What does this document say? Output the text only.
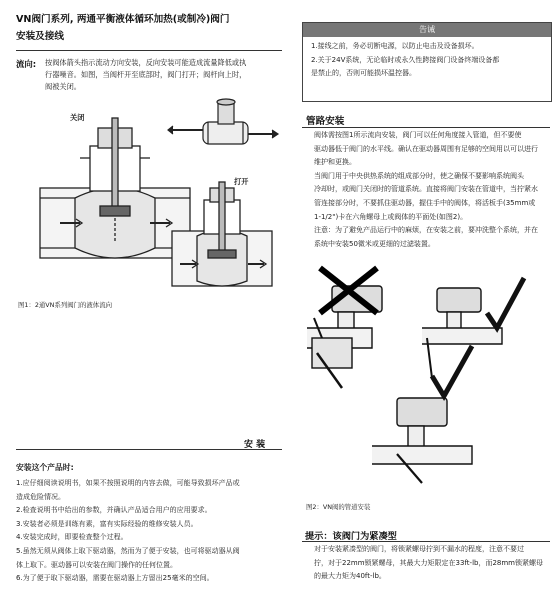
VN阀门系列, 两通平衡液体循环加热(或制冷)阀门
安装及接线
流向: 按阀体箭头指示流动方向安装，反向安装可能造成流量降低或执
行器噪音。如图，当阀杆开至底部时，阀门打开；阀杆向上时，
阀被关闭。
关闭
打开
图1：2通VN系列阀门的液体流向
安 装
安装这个产品时:
1.应仔细阅读说明书，如果不按照说明的内容去做，可能导致损坏产品或
造成危险情况。
2.检查说明书中给出的参数，并确认产品适合用户的应用要求。
3.安装者必须是训练有素，富有实际经验的维修安装人员。
4.安装完成时，即要检查整个过程。
5.虽然无须从阀体上取下驱动器，然而为了便于安装，也可将驱动器从阀
体上取下。驱动器可以安装在阀门操作的任何位置。
6.为了便于取下驱动器，需要在驱动器上方留出25毫米的空间。
告诫
1.接线之前，务必切断电源，以防止电击及设备损坏。
2.关于24V系统，无论临时或永久性跨接阀门设备终端设备都
是禁止的，否则可能损坏温控器。
管路安装
阀体需按图1所示流向安装，阀门可以任何角度接入管道，但不要使
驱动器低于阀门的水平线。确认在驱动器周围有足够的空间用以可以进行
维护和更换。
当阀门用于中央供热系统的组成部分时，使之确保不要影响系统阀头
冷却时，或阀门关闭时的管道系统。直接将阀门安装在管道中，当拧紧水
管连接部分时，不要抓住驱动器，握住手中的阀体，将活板手(35mm或
1-1/2")卡在六角螺母上或阀体的平面处(如图2)。
注意：为了避免产品运行中的麻烦，在安装之前，要冲洗整个系统，并在
系统中安装50微米或更细的过滤装置。
图2：VN阀的管道安装
提示：该阀门为紧凑型
对于安装紧凑型的阀门，将锁紧螺母拧到不漏水的程度，注意不要过
拧，对于22mm锁紧螺母，其最大力矩限定在33ft-lb，而28mm锁紧螺母
的最大力矩为40ft-lb。
